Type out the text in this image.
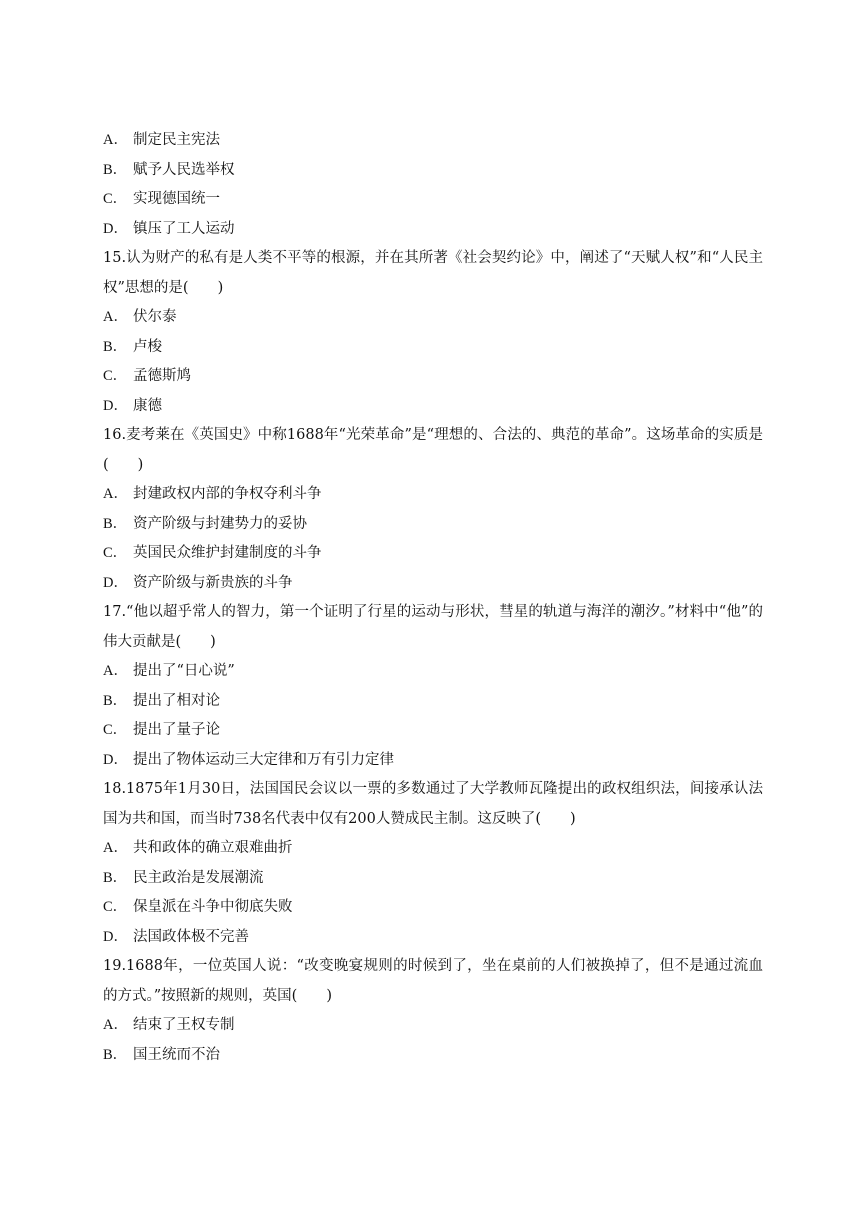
A． 制定民主宪法
B． 赋予人民选举权
C． 实现德国统一
D． 镇压了工人运动
15.认为财产的私有是人类不平等的根源，并在其所著《社会契约论》中，阐述了“天赋人权”和“人民主权”思想的是(　　)
A． 伏尔泰
B． 卢梭
C． 孟德斯鸠
D． 康德
16.麦考莱在《英国史》中称1688年“光荣革命”是“理想的、合法的、典范的革命”。这场革命的实质是(　　)
A． 封建政权内部的争权夺利斗争
B． 资产阶级与封建势力的妥协
C． 英国民众维护封建制度的斗争
D． 资产阶级与新贵族的斗争
17.“他以超乎常人的智力，第一个证明了行星的运动与形状，彗星的轨道与海洋的潮汐。”材料中“他”的伟大贡献是(　　)
A． 提出了“日心说”
B． 提出了相对论
C． 提出了量子论
D． 提出了物体运动三大定律和万有引力定律
18.1875年1月30日，法国国民会议以一票的多数通过了大学教师瓦隆提出的政权组织法，间接承认法国为共和国，而当时738名代表中仅有200人赞成民主制。这反映了(　　)
A． 共和政体的确立艰难曲折
B． 民主政治是发展潮流
C． 保皇派在斗争中彻底失败
D． 法国政体极不完善
19.1688年，一位英国人说：“改变晚宴规则的时候到了，坐在桌前的人们被换掉了，但不是通过流血的方式。”按照新的规则，英国(　　)
A． 结束了王权专制
B． 国王统而不治
